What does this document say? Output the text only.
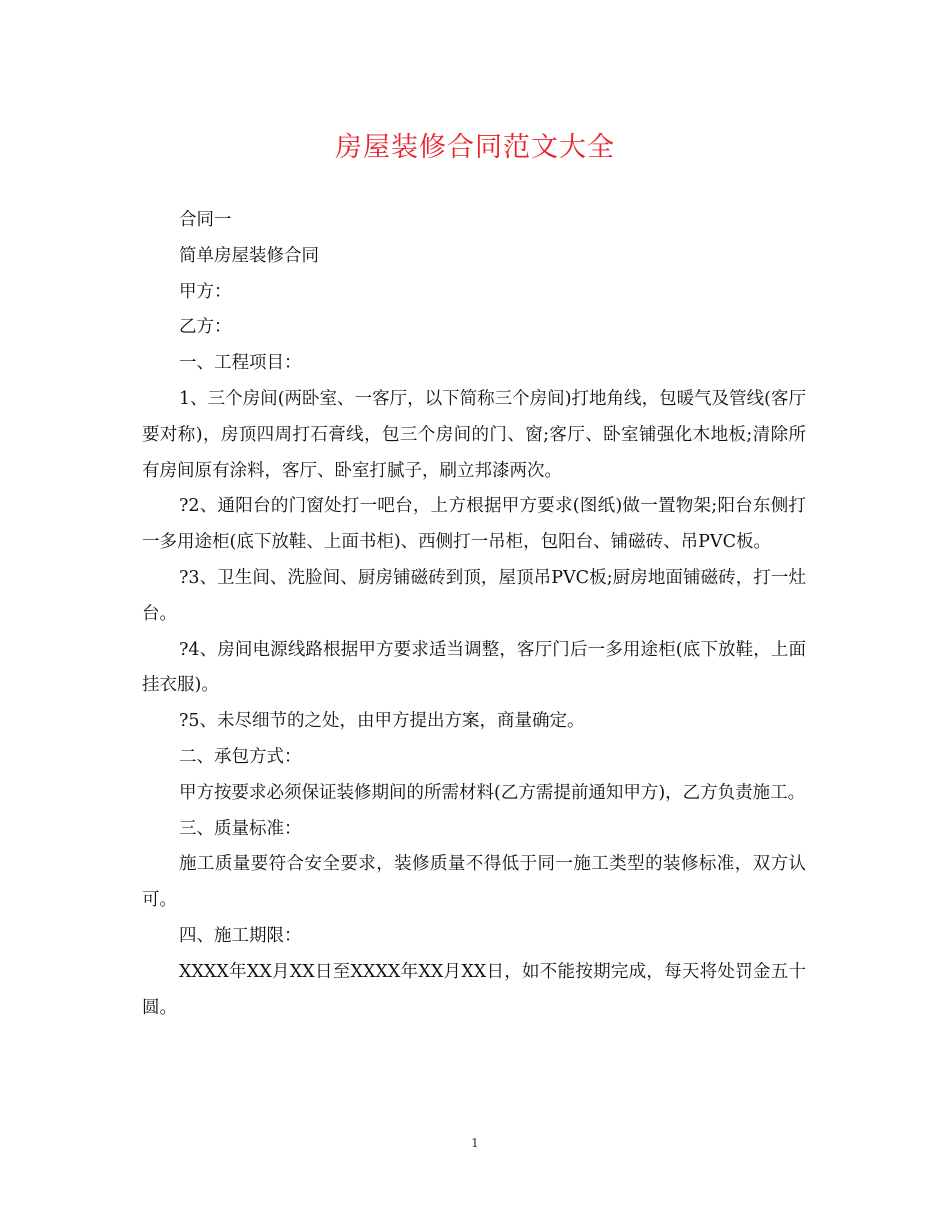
房屋装修合同范文大全

合同一

简单房屋装修合同

甲方：

乙方：

一、工程项目：

1、三个房间(两卧室、一客厅，以下简称三个房间)打地角线，包暖气及管线(客厅要对称)，房顶四周打石膏线，包三个房间的门、窗;客厅、卧室铺强化木地板;清除所有房间原有涂料，客厅、卧室打腻子，刷立邦漆两次。

?2、通阳台的门窗处打一吧台，上方根据甲方要求(图纸)做一置物架;阳台东侧打一多用途柜(底下放鞋、上面书柜)、西侧打一吊柜，包阳台、铺磁砖、吊PVC板。

?3、卫生间、洗脸间、厨房铺磁砖到顶，屋顶吊PVC板;厨房地面铺磁砖，打一灶台。

?4、房间电源线路根据甲方要求适当调整，客厅门后一多用途柜(底下放鞋，上面挂衣服)。

?5、未尽细节的之处，由甲方提出方案，商量确定。

二、承包方式：

甲方按要求必须保证装修期间的所需材料(乙方需提前通知甲方)，乙方负责施工。

三、质量标准：

施工质量要符合安全要求，装修质量不得低于同一施工类型的装修标准，双方认可。

四、施工期限：

XXXX年XX月XX日至XXXX年XX月XX日，如不能按期完成，每天将处罚金五十圆。

1
